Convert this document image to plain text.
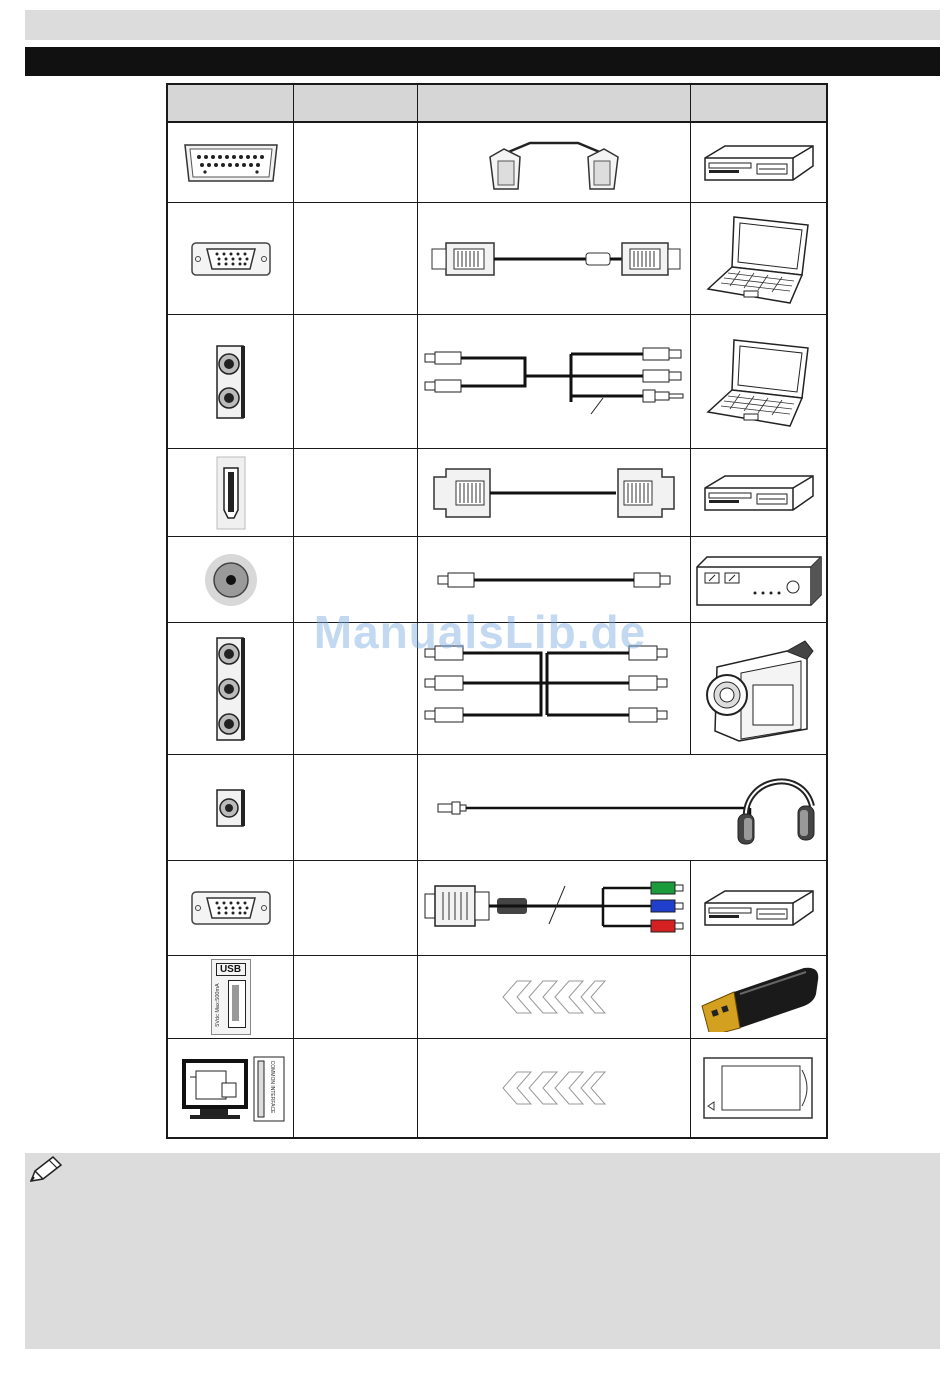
USB
5Vdc Max:500mA
COMMON INTERFACE
ManualsLib.de
